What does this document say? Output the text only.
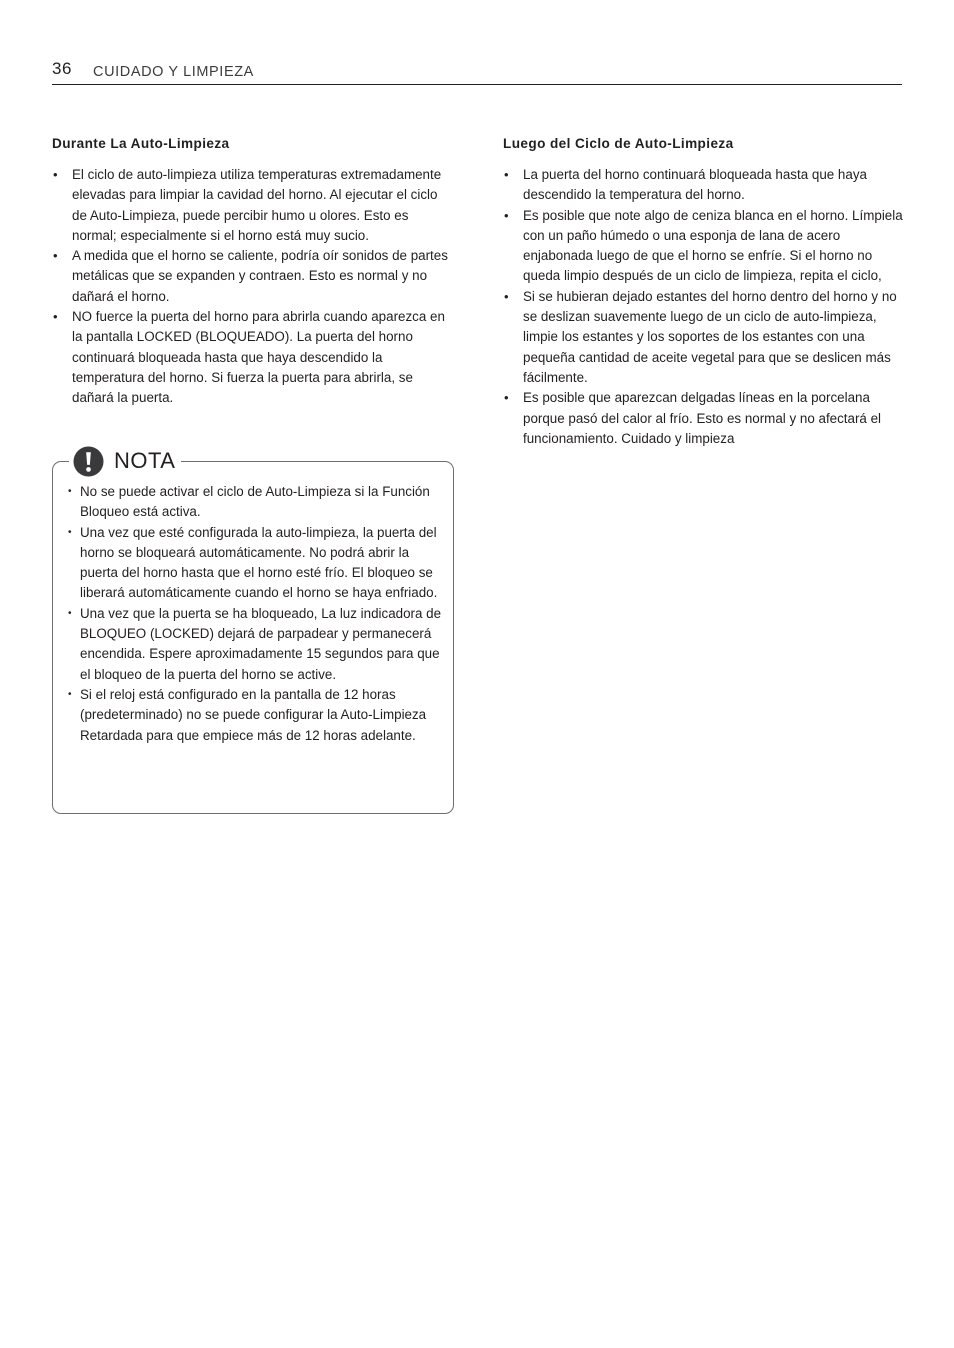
36 CUIDADO Y LIMPIEZA
Durante La Auto-Limpieza
• El ciclo de auto-limpieza utiliza temperaturas extremadamente elevadas para limpiar la cavidad del horno. Al ejecutar el ciclo de Auto-Limpieza, puede percibir humo u olores. Esto es normal; especialmente si el horno está muy sucio.
• A medida que el horno se caliente, podría oír sonidos de partes metálicas que se expanden y contraen. Esto es normal y no dañará el horno.
• NO fuerce la puerta del horno para abrirla cuando aparezca en la pantalla LOCKED (BLOQUEADO). La puerta del horno continuará bloqueada hasta que haya descendido la temperatura del horno. Si fuerza la puerta para abrirla, se dañará la puerta.
NOTA
• No se puede activar el ciclo de Auto-Limpieza si la Función Bloqueo está activa.
• Una vez que esté configurada la auto-limpieza, la puerta del horno se bloqueará automáticamente. No podrá abrir la puerta del horno hasta que el horno esté frío. El bloqueo se liberará automáticamente cuando el horno se haya enfriado.
• Una vez que la puerta se ha bloqueado, La luz indicadora de BLOQUEO (LOCKED) dejará de parpadear y permanecerá encendida. Espere aproximadamente 15 segundos para que el bloqueo de la puerta del horno se active.
• Si el reloj está configurado en la pantalla de 12 horas (predeterminado) no se puede configurar la Auto-Limpieza Retardada para que empiece más de 12 horas adelante.
Luego del Ciclo de Auto-Limpieza
• La puerta del horno continuará bloqueada hasta que haya descendido la temperatura del horno.
• Es posible que note algo de ceniza blanca en el horno. Límpiela con un paño húmedo o una esponja de lana de acero enjabonada luego de que el horno se enfríe. Si el horno no queda limpio después de un ciclo de limpieza, repita el ciclo,
• Si se hubieran dejado estantes del horno dentro del horno y no se deslizan suavemente luego de un ciclo de auto-limpieza, limpie los estantes y los soportes de los estantes con una pequeña cantidad de aceite vegetal para que se deslicen más fácilmente.
• Es posible que aparezcan delgadas líneas en la porcelana porque pasó del calor al frío. Esto es normal y no afectará el funcionamiento. Cuidado y limpieza
